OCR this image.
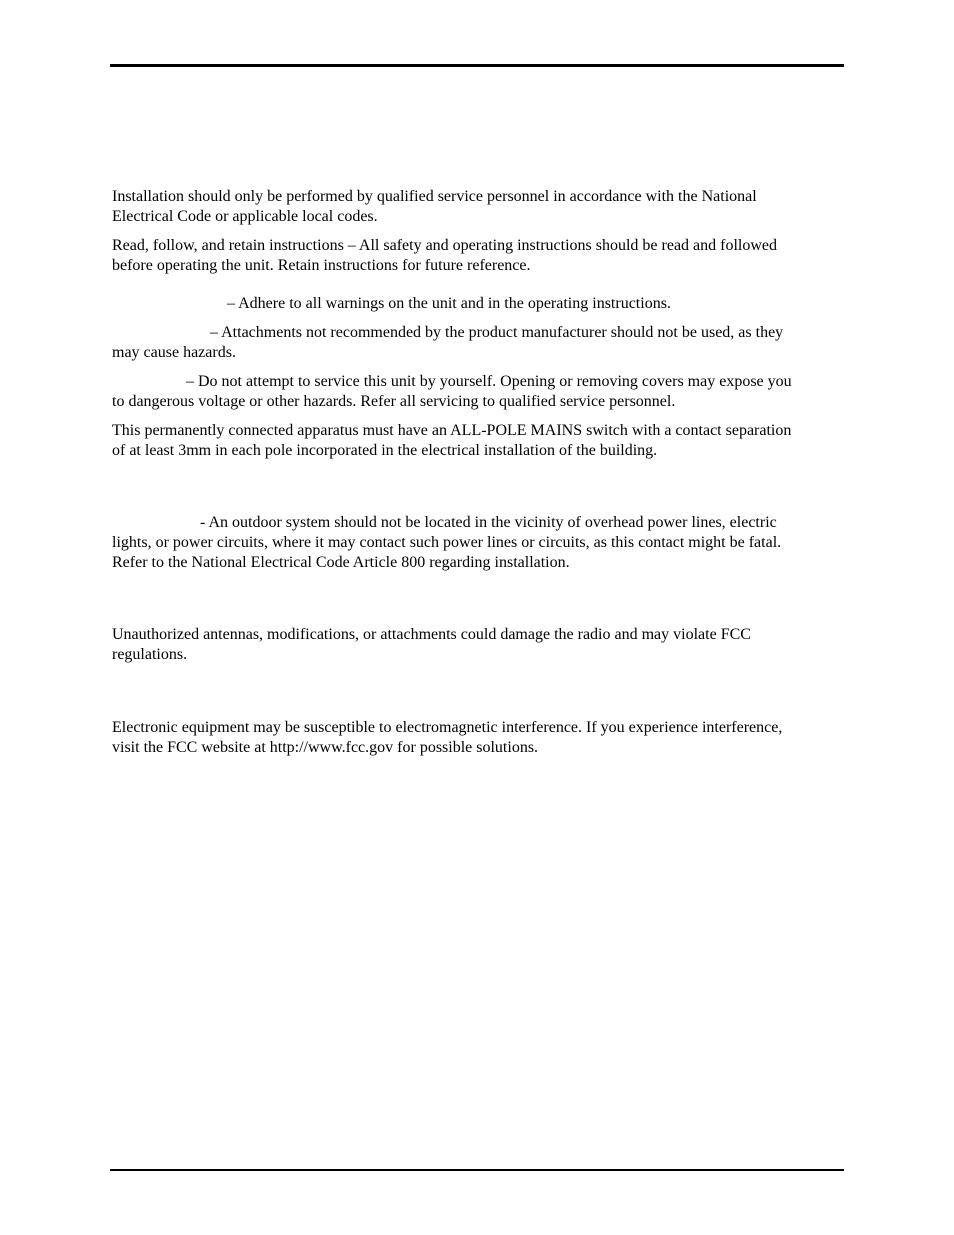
Installation should only be performed by qualified service personnel in accordance with the National
Electrical Code or applicable local codes.

Read, follow, and retain instructions – All safety and operating instructions should be read and followed
before operating the unit. Retain instructions for future reference.

– Adhere to all warnings on the unit and in the operating instructions.

– Attachments not recommended by the product manufacturer should not be used, as they
may cause hazards.

– Do not attempt to service this unit by yourself. Opening or removing covers may expose you
to dangerous voltage or other hazards. Refer all servicing to qualified service personnel.

This permanently connected apparatus must have an ALL-POLE MAINS switch with a contact separation
of at least 3mm in each pole incorporated in the electrical installation of the building.

- An outdoor system should not be located in the vicinity of overhead power lines, electric
lights, or power circuits, where it may contact such power lines or circuits, as this contact might be fatal.
Refer to the National Electrical Code Article 800 regarding installation.

Unauthorized antennas, modifications, or attachments could damage the radio and may violate FCC
regulations.

Electronic equipment may be susceptible to electromagnetic interference. If you experience interference,
visit the FCC website at http://www.fcc.gov for possible solutions.
